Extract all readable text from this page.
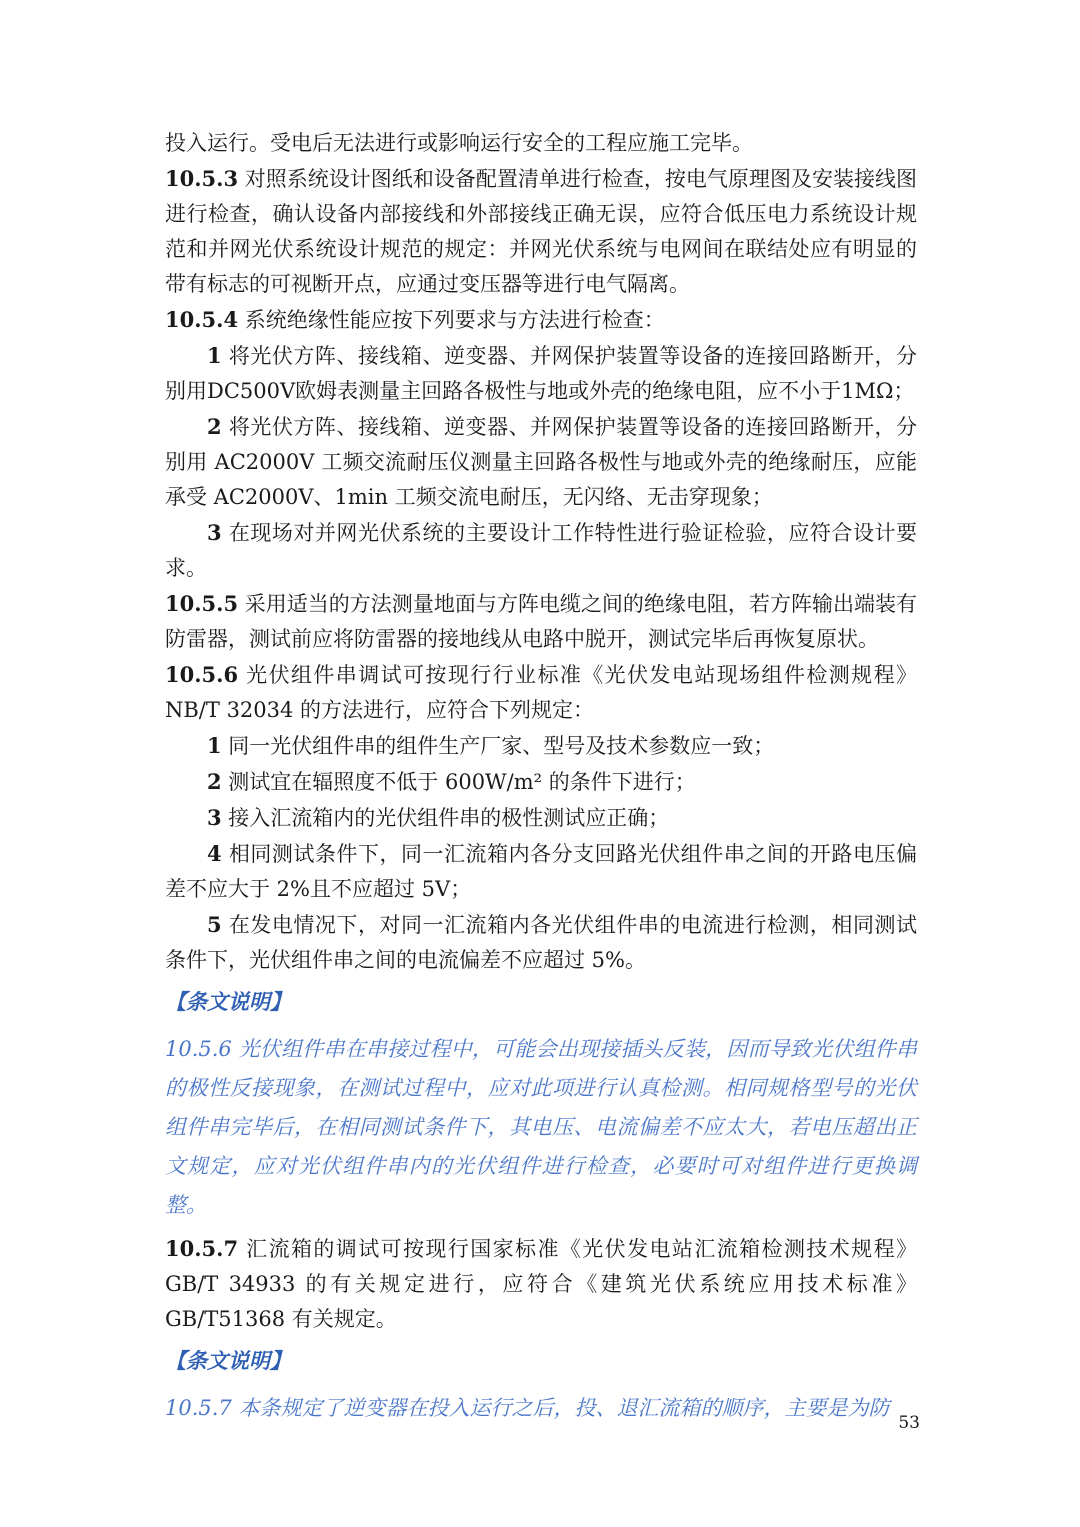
投入运行。受电后无法进行或影响运行安全的工程应施工完毕。

10.5.3 对照系统设计图纸和设备配置清单进行检查，按电气原理图及安装接线图进行检查，确认设备内部接线和外部接线正确无误，应符合低压电力系统设计规范和并网光伏系统设计规范的规定：并网光伏系统与电网间在联结处应有明显的带有标志的可视断开点，应通过变压器等进行电气隔离。

10.5.4 系统绝缘性能应按下列要求与方法进行检查：

1 将光伏方阵、接线箱、逆变器、并网保护装置等设备的连接回路断开，分别用DC500V欧姆表测量主回路各极性与地或外壳的绝缘电阻，应不小于1MΩ；

2 将光伏方阵、接线箱、逆变器、并网保护装置等设备的连接回路断开，分别用 AC2000V 工频交流耐压仪测量主回路各极性与地或外壳的绝缘耐压，应能承受 AC2000V、1min 工频交流电耐压，无闪络、无击穿现象；

3 在现场对并网光伏系统的主要设计工作特性进行验证检验，应符合设计要求。

10.5.5 采用适当的方法测量地面与方阵电缆之间的绝缘电阻，若方阵输出端装有防雷器，测试前应将防雷器的接地线从电路中脱开，测试完毕后再恢复原状。

10.5.6 光伏组件串调试可按现行行业标准《光伏发电站现场组件检测规程》NB/T 32034 的方法进行，应符合下列规定：

1 同一光伏组件串的组件生产厂家、型号及技术参数应一致；

2 测试宜在辐照度不低于 600W/m² 的条件下进行；

3 接入汇流箱内的光伏组件串的极性测试应正确；

4 相同测试条件下，同一汇流箱内各分支回路光伏组件串之间的开路电压偏差不应大于 2%且不应超过 5V；

5 在发电情况下，对同一汇流箱内各光伏组件串的电流进行检测，相同测试条件下，光伏组件串之间的电流偏差不应超过 5%。

【条文说明】

10.5.6 光伏组件串在串接过程中，可能会出现接插头反装，因而导致光伏组件串的极性反接现象，在测试过程中，应对此项进行认真检测。相同规格型号的光伏组件串完毕后，在相同测试条件下，其电压、电流偏差不应太大，若电压超出正文规定，应对光伏组件串内的光伏组件进行检查，必要时可对组件进行更换调整。

10.5.7 汇流箱的调试可按现行国家标准《光伏发电站汇流箱检测技术规程》GB/T 34933 的有关规定进行，应符合《建筑光伏系统应用技术标准》GB/T51368 有关规定。

【条文说明】

10.5.7 本条规定了逆变器在投入运行之后，投、退汇流箱的顺序，主要是为防

53
